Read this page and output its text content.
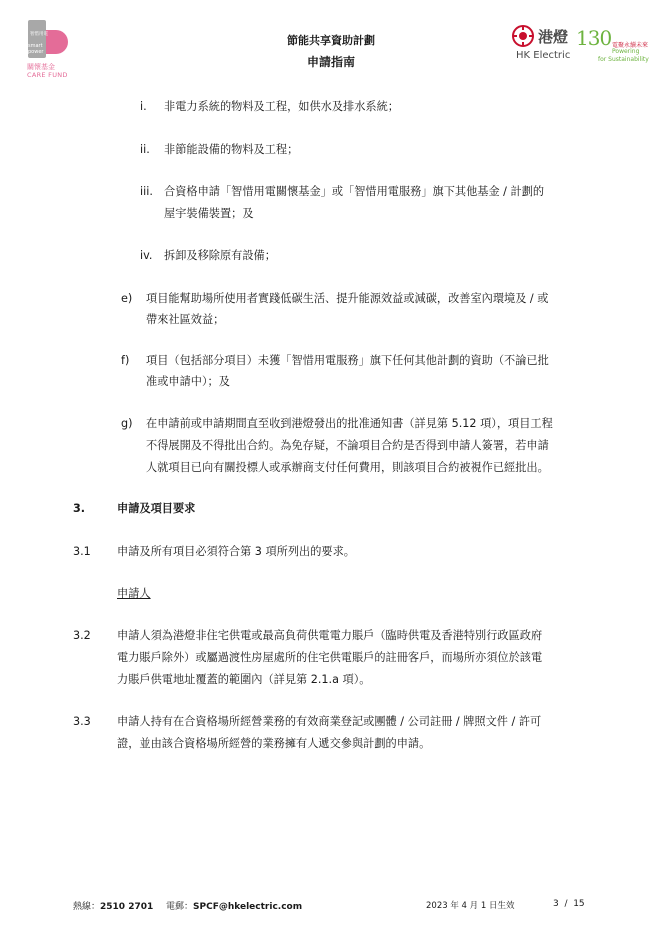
智惜用電
smart power
關懷基金
CARE FUND
節能共享資助計劃
申請指南
港燈
HK Electric
130 電聚永續未來
Powering
for Sustainability
i. 非電力系統的物料及工程，如供水及排水系統；
ii. 非節能設備的物料及工程；
iii. 合資格申請「智惜用電關懷基金」或「智惜用電服務」旗下其他基金 / 計劃的
屋宇裝備裝置；及
iv. 拆卸及移除原有設備；
e) 項目能幫助場所使用者實踐低碳生活、提升能源效益或減碳，改善室內環境及 / 或
帶來社區效益；
f) 項目（包括部分項目）未獲「智惜用電服務」旗下任何其他計劃的資助（不論已批
准或申請中）；及
g) 在申請前或申請期間直至收到港燈發出的批准通知書（詳見第 5.12 項），項目工程
不得展開及不得批出合約。為免存疑，不論項目合約是否得到申請人簽署，若申請
人就項目已向有關投標人或承辦商支付任何費用，則該項目合約被視作已經批出。
3.	申請及項目要求
3.1 申請及所有項目必須符合第 3 項所列出的要求。
申請人
3.2 申請人須為港燈非住宅供電或最高負荷供電電力賬戶（臨時供電及香港特別行政區政府
電力賬戶除外）或屬過渡性房屋處所的住宅供電賬戶的註冊客戶，而場所亦須位於該電
力賬戶供電地址覆蓋的範圍內（詳見第 2.1.a 項）。
3.3 申請人持有在合資格場所經營業務的有效商業登記或團體 / 公司註冊 / 牌照文件 / 許可
證，並由該合資格場所經營的業務擁有人遞交參與計劃的申請。
熱線：2510 2701 電郵：SPCF@hkelectric.com	2023 年 4 月 1 日生效	3  /  15
